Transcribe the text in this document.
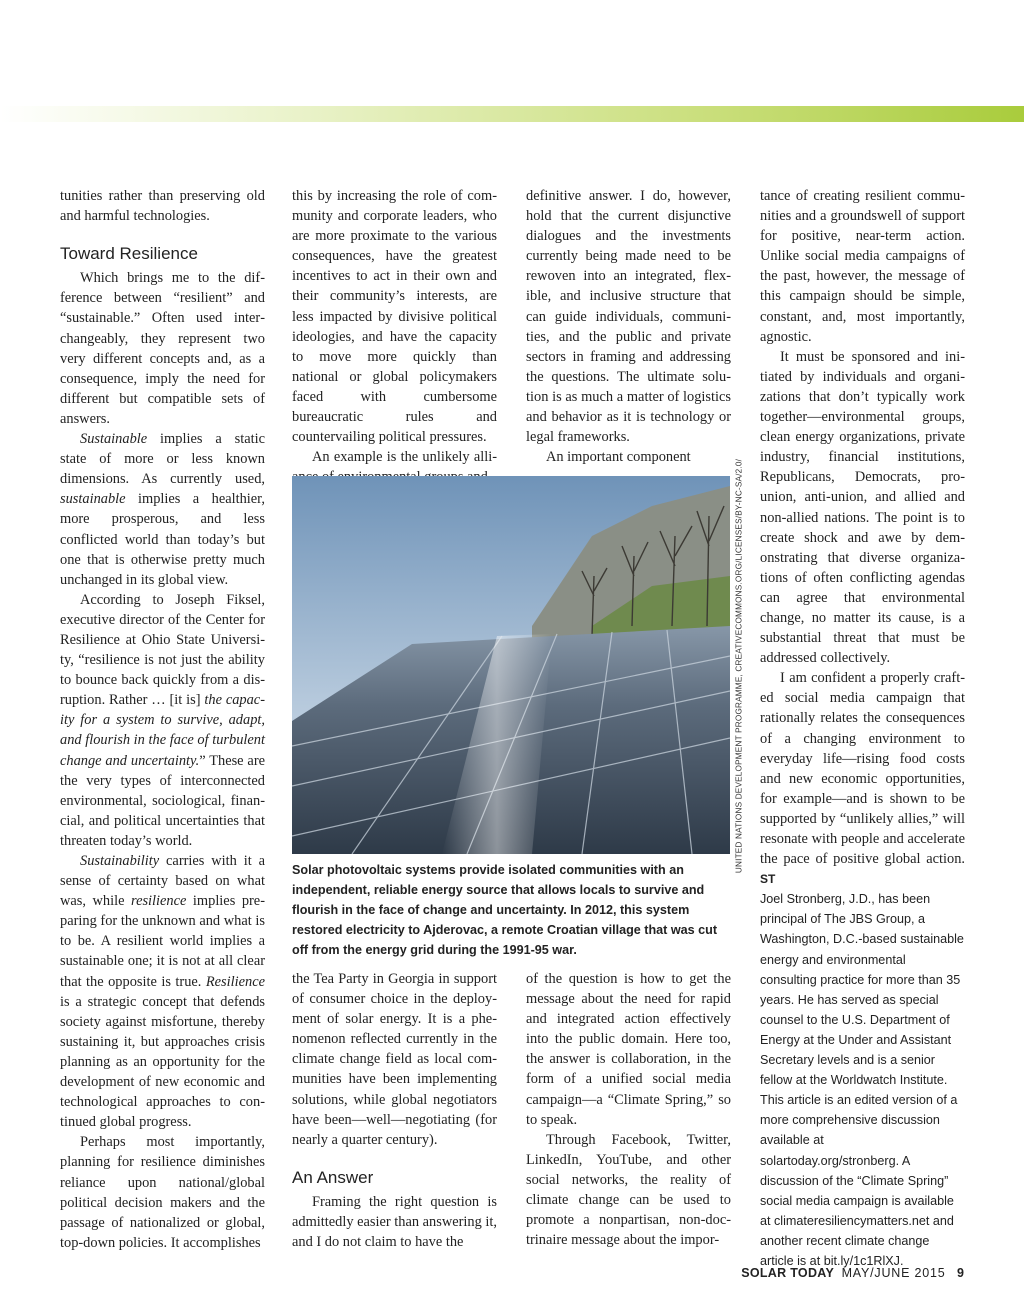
tunities rather than preserving old and harmful technologies.

Toward Resilience

Which brings me to the difference between “resilient” and “sustainable.” Often used interchangeably, they represent two very different concepts and, as a consequence, imply the need for different but compatible sets of answers.

Sustainable implies a static state of more or less known dimensions. As currently used, sustainable implies a healthier, more prosperous, and less conflicted world than today’s but one that is otherwise pretty much unchanged in its global view.

According to Joseph Fiksel, executive director of the Center for Resilience at Ohio State University, “resilience is not just the ability to bounce back quickly from a disruption. Rather … [it is] the capacity for a system to survive, adapt, and flourish in the face of turbulent change and uncertainty.” These are the very types of interconnected environmental, sociological, financial, and political uncertainties that threaten today’s world.

Sustainability carries with it a sense of certainty based on what was, while resilience implies preparing for the unknown and what is to be. A resilient world implies a sustainable one; it is not at all clear that the opposite is true. Resilience is a strategic concept that defends society against misfortune, thereby sustaining it, but approaches crisis planning as an opportunity for the development of new economic and technological approaches to continued global progress.

Perhaps most importantly, planning for resilience diminishes reliance upon national/global political decision makers and the passage of nationalized or global, top-down policies. It accomplishes

this by increasing the role of community and corporate leaders, who are more proximate to the various consequences, have the greatest incentives to act in their own and their community’s interests, are less impacted by divisive political ideologies, and have the capacity to move more quickly than national or global policymakers faced with cumbersome bureaucratic rules and countervailing political pressures.

An example is the unlikely alli

definitive answer. I do, however, hold that the current disjunctive dialogues and the investments currently being made need to be rewoven into an integrated, flexible, and inclusive structure that can guide individuals, communities, and the public and private sectors in framing and addressing the questions. The ultimate solution is as much a matter of logistics and behavior as it is technology or legal frameworks.

An important component

UNITED NATIONS DEVELOPMENT PROGRAMME, CREATIVECOMMONS.ORG/LICENSES/BY-NC-SA/2.0/
Solar photovoltaic systems provide isolated communities with an independent, reliable energy source that allows locals to survive and flourish in the face of change and uncertainty. In 2012, this system restored electricity to Ajderovac, a remote Croatian village that was cut off from the energy grid during the 1991-95 war.

the Tea Party in Georgia in support of consumer choice in the deployment of solar energy. It is a phenomenon reflected currently in the climate change field as local communities have been implementing solutions, while global negotiators have been—well—negotiating (for nearly a quarter century).

An Answer

Framing the right question is admittedly easier than answering it, and I do not claim to have the

of the question is how to get the message about the need for rapid and integrated action effectively into the public domain. Here too, the answer is collaboration, in the form of a unified social media campaign—a “Climate Spring,” so to speak.

Through Facebook, Twitter, LinkedIn, YouTube, and other social networks, the reality of climate change can be used to promote a nonpartisan, non-doctrinaire message about the impor-

tance of creating resilient communities and a groundswell of support for positive, near-term action. Unlike social media campaigns of the past, however, the message of this campaign should be simple, constant, and, most importantly, agnostic.

It must be sponsored and initiated by individuals and organizations that don’t typically work together—environmental groups, clean energy organizations, private industry, financial institutions, Republicans, Democrats, pro-union, anti-union, and allied and non-allied nations. The point is to create shock and awe by demonstrating that diverse organizations of often conflicting agendas can agree that environmental change, no matter its cause, is a substantial threat that must be addressed collectively.

I am confident a properly crafted social media campaign that rationally relates the consequences of a changing environment to everyday life—rising food costs and new economic opportunities, for example—and is shown to be supported by “unlikely allies,” will resonate with people and accelerate the pace of positive global action. ST

Joel Stronberg, J.D., has been principal of The JBS Group, a Washington, D.C.-based sustainable energy and environmental consulting practice for more than 35 years. He has served as special counsel to the U.S. Department of Energy at the Under and Assistant Secretary levels and is a senior fellow at the Worldwatch Institute. This article is an edited version of a more comprehensive discussion available at solartoday.org/stronberg. A discussion of the “Climate Spring” social media campaign is available at climateresiliencymatters.net and another recent climate change article is at bit.ly/1c1RlXJ.

SOLAR TODAY MAY/JUNE 2015 9
